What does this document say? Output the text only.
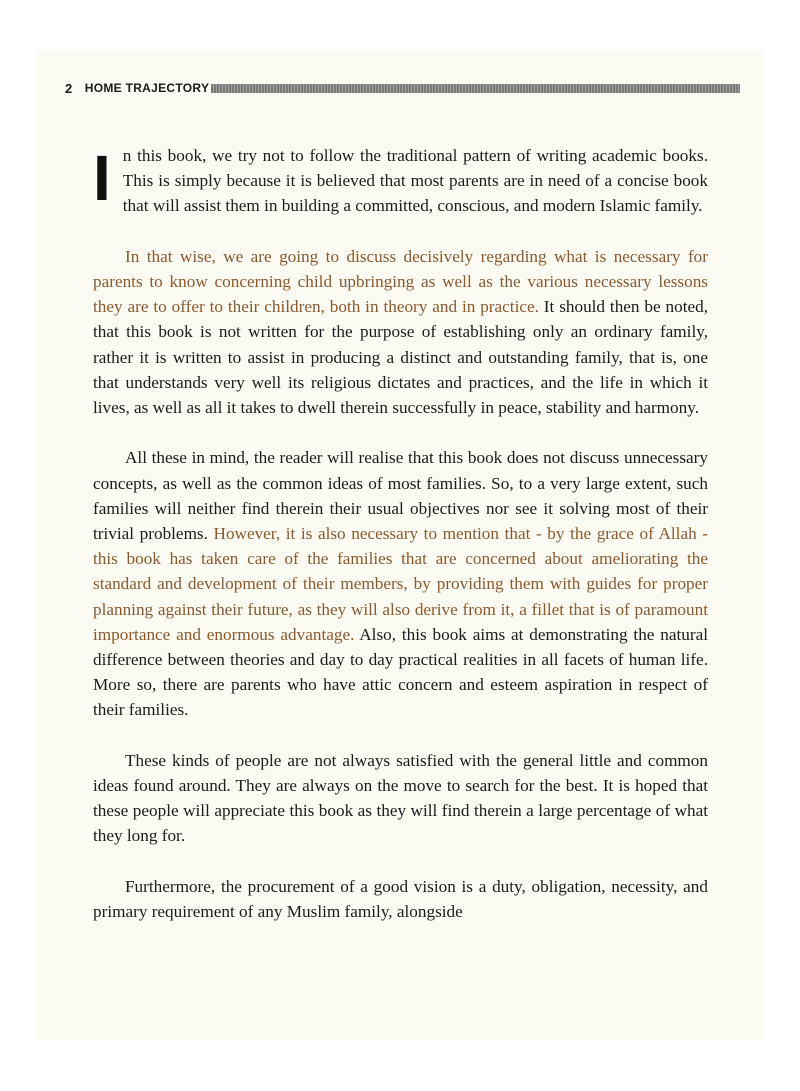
2 HOME TRAJECTORY

In this book, we try not to follow the traditional pattern of writing academic books. This is simply because it is believed that most parents are in need of a concise book that will assist them in building a committed, conscious, and modern Islamic family.

In that wise, we are going to discuss decisively regarding what is necessary for parents to know concerning child upbringing as well as the various necessary lessons they are to offer to their children, both in theory and in practice. It should then be noted, that this book is not written for the purpose of establishing only an ordinary family, rather it is written to assist in producing a distinct and outstanding family, that is, one that understands very well its religious dictates and practices, and the life in which it lives, as well as all it takes to dwell therein successfully in peace, stability and harmony.

All these in mind, the reader will realise that this book does not discuss unnecessary concepts, as well as the common ideas of most families. So, to a very large extent, such families will neither find therein their usual objectives nor see it solving most of their trivial problems. However, it is also necessary to mention that - by the grace of Allah - this book has taken care of the families that are concerned about ameliorating the standard and development of their members, by providing them with guides for proper planning against their future, as they will also derive from it, a fillet that is of paramount importance and enormous advantage. Also, this book aims at demonstrating the natural difference between theories and day to day practical realities in all facets of human life. More so, there are parents who have attic concern and esteem aspiration in respect of their families.

These kinds of people are not always satisfied with the general little and common ideas found around. They are always on the move to search for the best. It is hoped that these people will appreciate this book as they will find therein a large percentage of what they long for.

Furthermore, the procurement of a good vision is a duty, obligation, necessity, and primary requirement of any Muslim family, alongside
